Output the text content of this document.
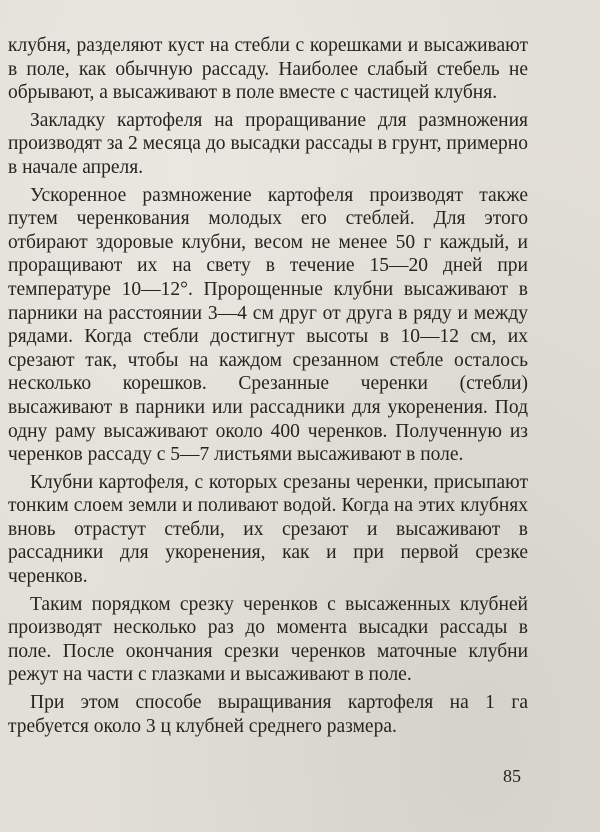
клубня, разделяют куст на стебли с корешками и высаживают в поле, как обычную рассаду. Наиболее слабый стебель не обрывают, а высаживают в поле вместе с частицей клубня.

Закладку картофеля на проращивание для размножения производят за 2 месяца до высадки рассады в грунт, примерно в начале апреля.

Ускоренное размножение картофеля производят также путем черенкования молодых его стеблей. Для этого отбирают здоровые клубни, весом не менее 50 г каждый, и проращивают их на свету в течение 15—20 дней при температуре 10—12°. Пророщенные клубни высаживают в парники на расстоянии 3—4 см друг от друга в ряду и между рядами. Когда стебли достигнут высоты в 10—12 см, их срезают так, чтобы на каждом срезанном стебле осталось несколько корешков. Срезанные черенки (стебли) высаживают в парники или рассадники для укоренения. Под одну раму высаживают около 400 черенков. Полученную из черенков рассаду с 5—7 листьями высаживают в поле.

Клубни картофеля, с которых срезаны черенки, присыпают тонким слоем земли и поливают водой. Когда на этих клубнях вновь отрастут стебли, их срезают и высаживают в рассадники для укоренения, как и при первой срезке черенков.

Таким порядком срезку черенков с высаженных клубней производят несколько раз до момента высадки рассады в поле. После окончания срезки черенков маточные клубни режут на части с глазками и высаживают в поле.

При этом способе выращивания картофеля на 1 га требуется около 3 ц клубней среднего размера.

85
